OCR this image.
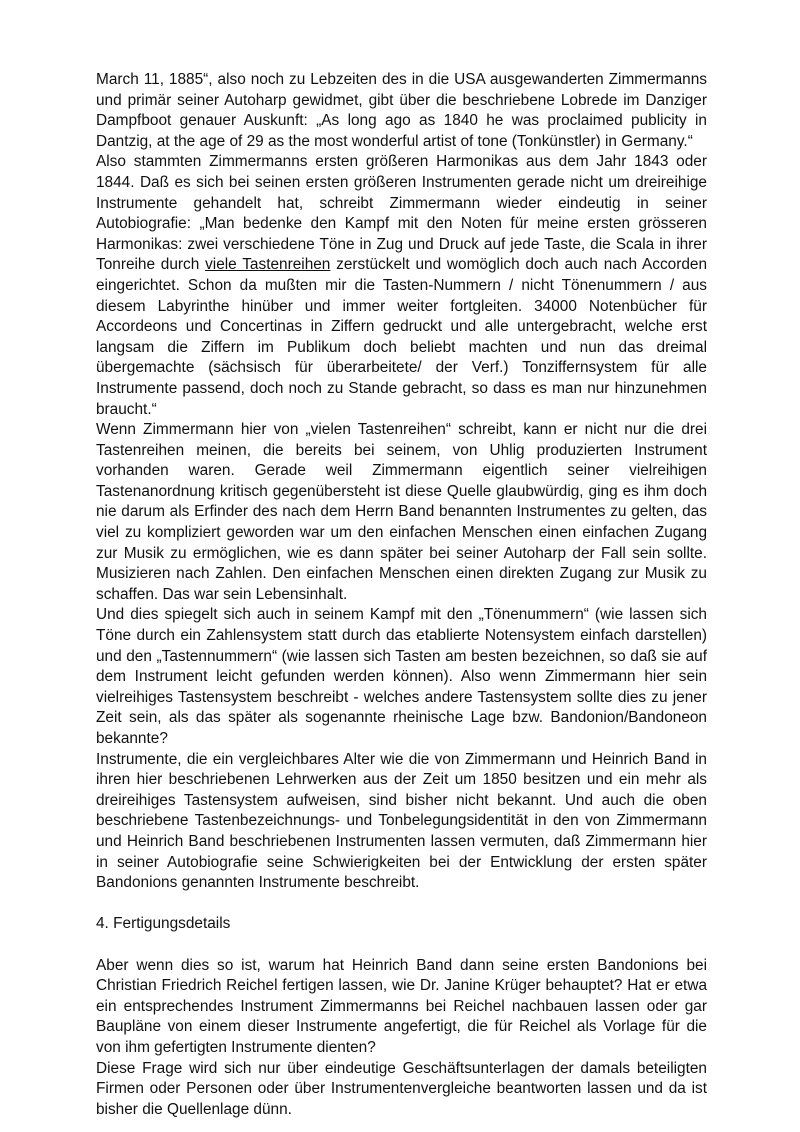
March 11, 1885“, also noch zu Lebzeiten des in die USA ausgewanderten Zimmermanns und primär seiner Autoharp gewidmet, gibt über die beschriebene Lobrede im Danziger Dampfboot genauer Auskunft: „As long ago as 1840 he was proclaimed publicity in Dantzig, at the age of 29 as the most wonderful artist of tone (Tonkünstler) in Germany.“

Also stammten Zimmermanns ersten größeren Harmonikas aus dem Jahr 1843 oder 1844. Daß es sich bei seinen ersten größeren Instrumenten gerade nicht um dreireihige Instrumente gehandelt hat, schreibt Zimmermann wieder eindeutig in seiner Autobiografie: „Man bedenke den Kampf mit den Noten für meine ersten grösseren Harmonikas: zwei verschiedene Töne in Zug und Druck auf jede Taste, die Scala in ihrer Tonreihe durch viele Tastenreihen zerstückelt und womöglich doch auch nach Accorden eingerichtet. Schon da mußten mir die Tasten-Nummern / nicht Tönenummern / aus diesem Labyrinthe hinüber und immer weiter fortgleiten. 34000 Notenbücher für Accordeons und Concertinas in Ziffern gedruckt und alle untergebracht, welche erst langsam die Ziffern im Publikum doch beliebt machten und nun das dreimal übergemachte (sächsisch für überarbeitete/ der Verf.) Tonziffernsystem für alle Instrumente passend, doch noch zu Stande gebracht, so dass es man nur hinzunehmen braucht.“

Wenn Zimmermann hier von „vielen Tastenreihen“ schreibt, kann er nicht nur die drei Tastenreihen meinen, die bereits bei seinem, von Uhlig produzierten Instrument vorhanden waren. Gerade weil Zimmermann eigentlich seiner vielreihigen Tastenanordnung kritisch gegenübersteht ist diese Quelle glaubwürdig, ging es ihm doch nie darum als Erfinder des nach dem Herrn Band benannten Instrumentes zu gelten, das viel zu kompliziert geworden war um den einfachen Menschen einen einfachen Zugang zur Musik zu ermöglichen, wie es dann später bei seiner Autoharp der Fall sein sollte. Musizieren nach Zahlen. Den einfachen Menschen einen direkten Zugang zur Musik zu schaffen. Das war sein Lebensinhalt.

Und dies spiegelt sich auch in seinem Kampf mit den „Tönenummern“ (wie lassen sich Töne durch ein Zahlensystem statt durch das etablierte Notensystem einfach darstellen) und den „Tastennummern“ (wie lassen sich Tasten am besten bezeichnen, so daß sie auf dem Instrument leicht gefunden werden können). Also wenn Zimmermann hier sein vielreihiges Tastensystem beschreibt - welches andere Tastensystem sollte dies zu jener Zeit sein, als das später als sogenannte rheinische Lage bzw. Bandonion/Bandoneon bekannte?

Instrumente, die ein vergleichbares Alter wie die von Zimmermann und Heinrich Band in ihren hier beschriebenen Lehrwerken aus der Zeit um 1850 besitzen und ein mehr als dreireihiges Tastensystem aufweisen, sind bisher nicht bekannt. Und auch die oben beschriebene Tastenbezeichnungs- und Tonbelegungsidentität in den von Zimmermann und Heinrich Band beschriebenen Instrumenten lassen vermuten, daß Zimmermann hier in seiner Autobiografie seine Schwierigkeiten bei der Entwicklung der ersten später Bandonions genannten Instrumente beschreibt.

4. Fertigungsdetails

Aber wenn dies so ist, warum hat Heinrich Band dann seine ersten Bandonions bei Christian Friedrich Reichel fertigen lassen, wie Dr. Janine Krüger behauptet? Hat er etwa ein entsprechendes Instrument Zimmermanns bei Reichel nachbauen lassen oder gar Baupläne von einem dieser Instrumente angefertigt, die für Reichel als Vorlage für die von ihm gefertigten Instrumente dienten?

Diese Frage wird sich nur über eindeutige Geschäftsunterlagen der damals beteiligten Firmen oder Personen oder über Instrumentenvergleiche beantworten lassen und da ist bisher die Quellenlage dünn.
